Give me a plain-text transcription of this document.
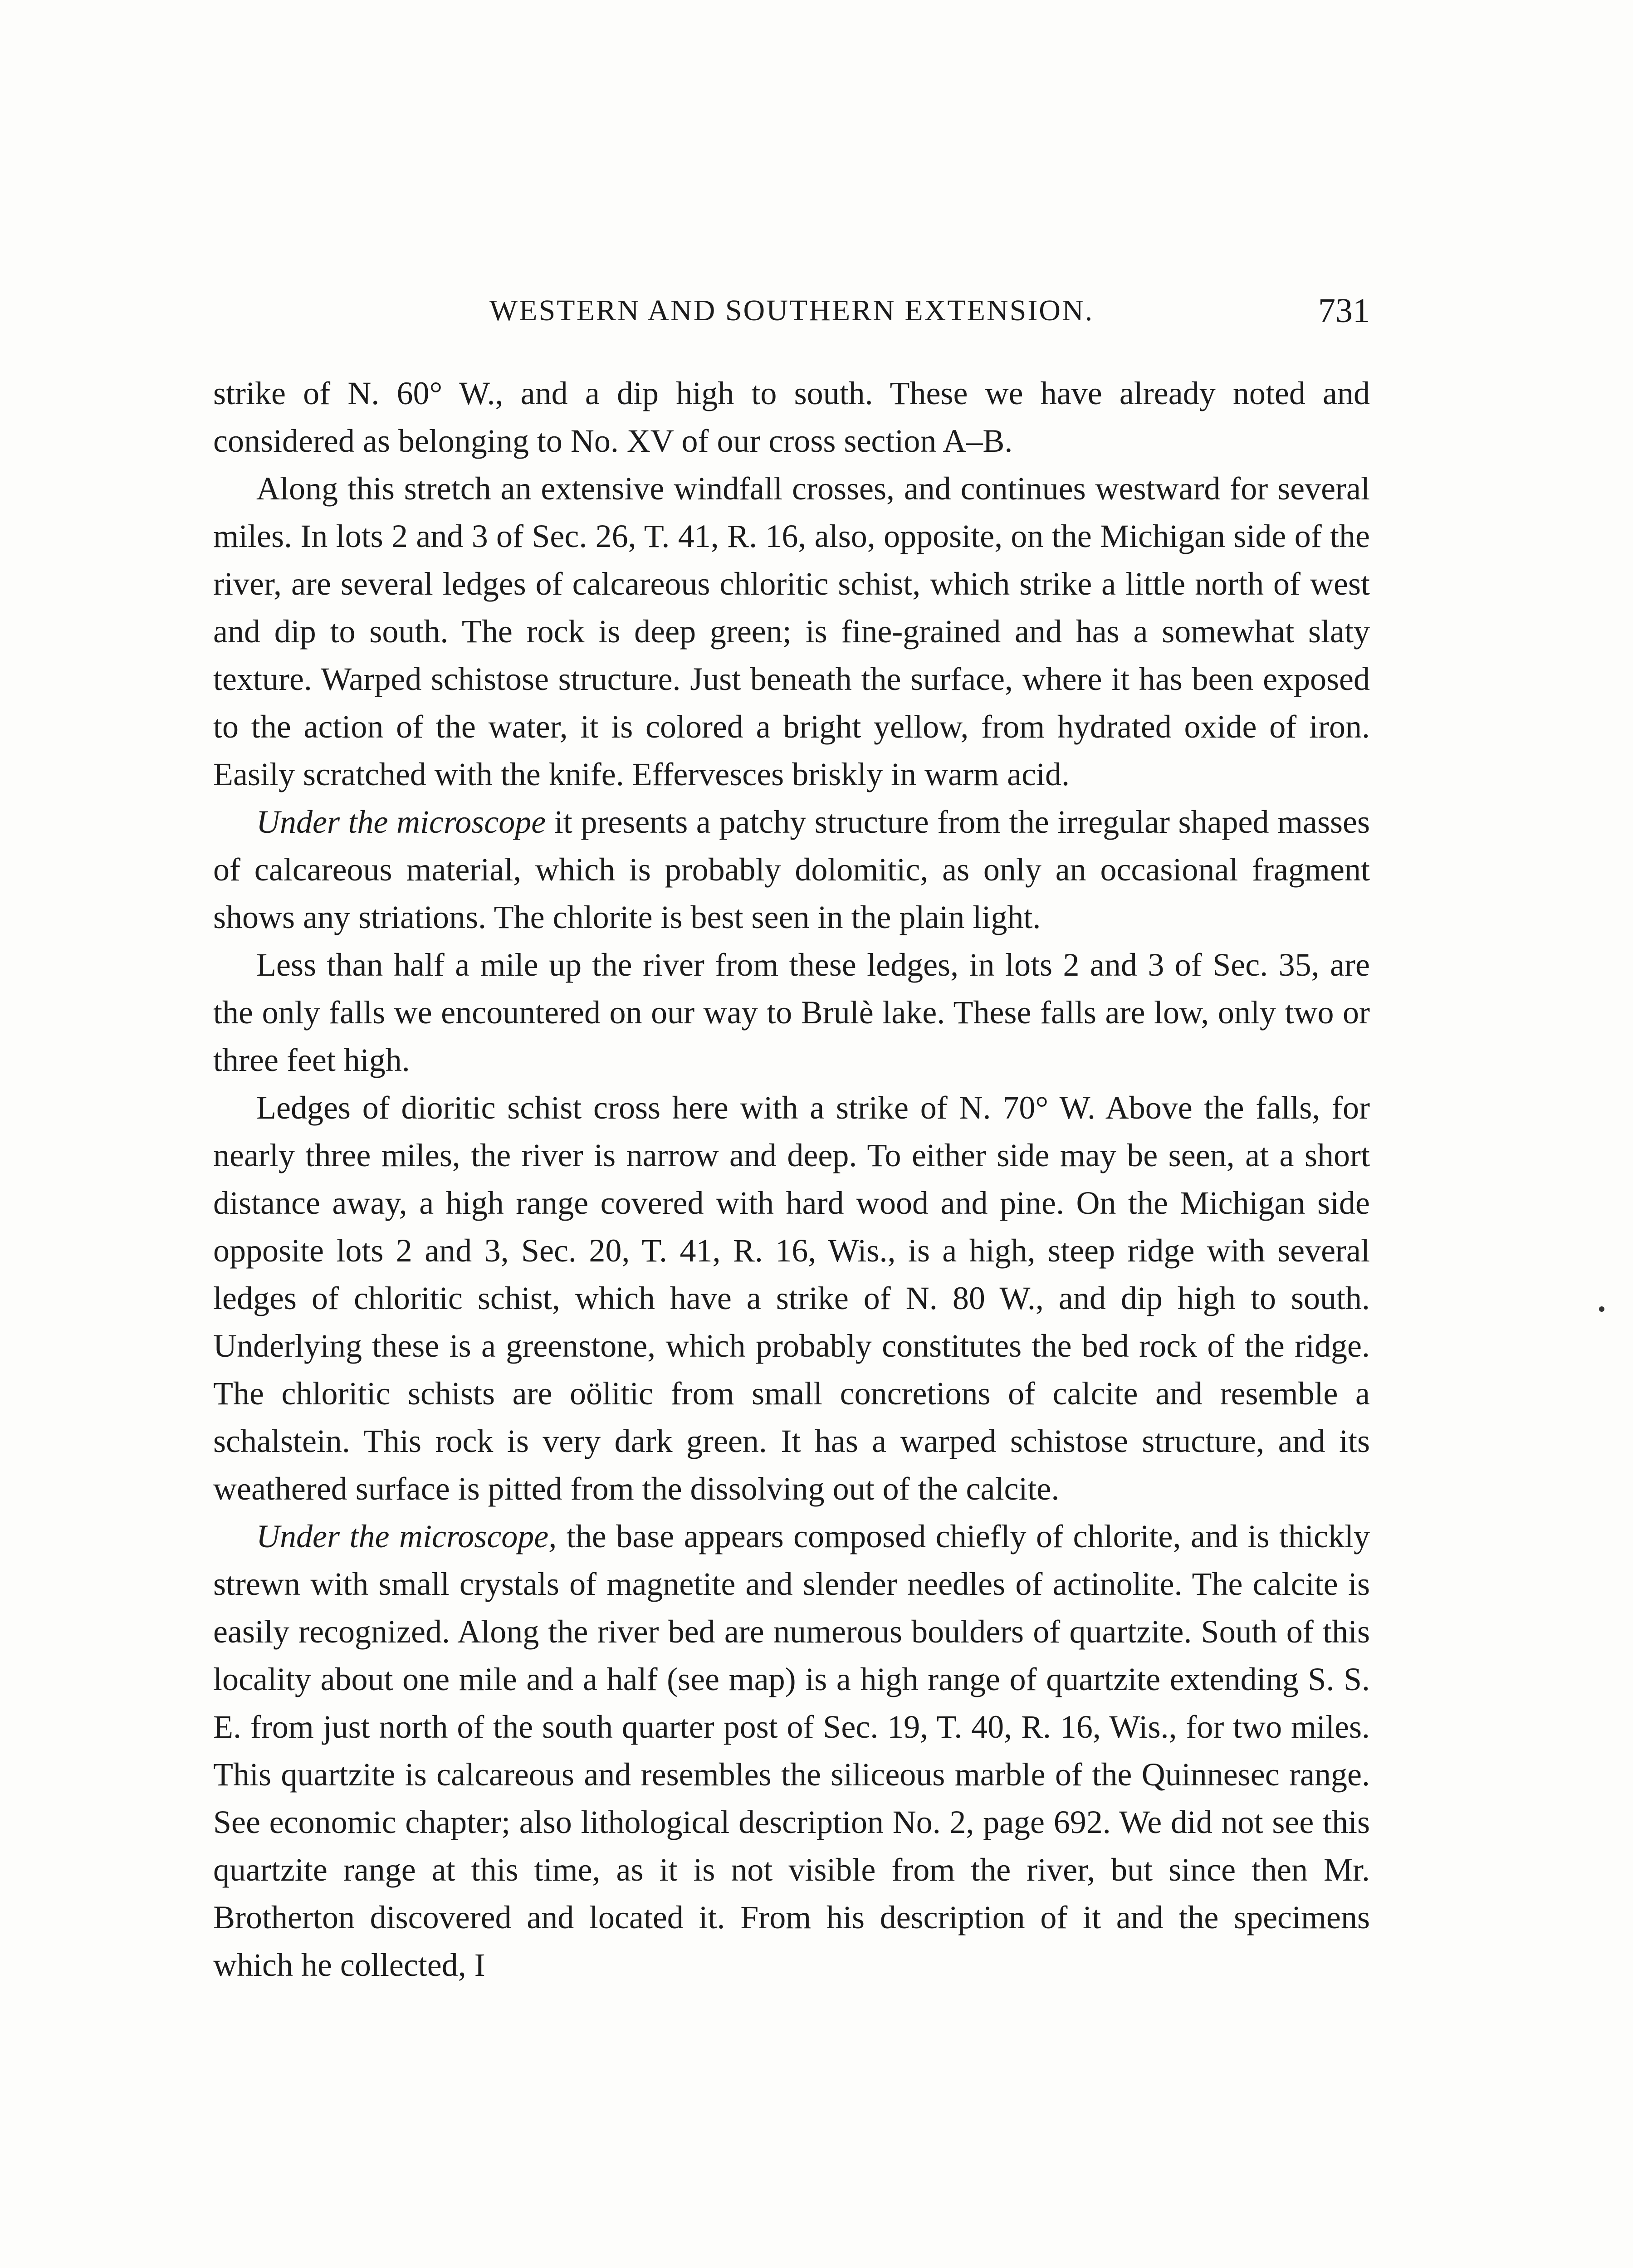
WESTERN AND SOUTHERN EXTENSION.	731

strike of N. 60° W., and a dip high to south. These we have already noted and considered as belonging to No. XV of our cross section A–B.

Along this stretch an extensive windfall crosses, and continues westward for several miles. In lots 2 and 3 of Sec. 26, T. 41, R. 16, also, opposite, on the Michigan side of the river, are several ledges of calcareous chloritic schist, which strike a little north of west and dip to south. The rock is deep green; is fine-grained and has a somewhat slaty texture. Warped schistose structure. Just beneath the surface, where it has been exposed to the action of the water, it is colored a bright yellow, from hydrated oxide of iron. Easily scratched with the knife. Effervesces briskly in warm acid.

Under the microscope it presents a patchy structure from the irregular shaped masses of calcareous material, which is probably dolomitic, as only an occasional fragment shows any striations. The chlorite is best seen in the plain light.

Less than half a mile up the river from these ledges, in lots 2 and 3 of Sec. 35, are the only falls we encountered on our way to Brulè lake. These falls are low, only two or three feet high.

Ledges of dioritic schist cross here with a strike of N. 70° W. Above the falls, for nearly three miles, the river is narrow and deep. To either side may be seen, at a short distance away, a high range covered with hard wood and pine. On the Michigan side opposite lots 2 and 3, Sec. 20, T. 41, R. 16, Wis., is a high, steep ridge with several ledges of chloritic schist, which have a strike of N. 80 W., and dip high to south. Underlying these is a greenstone, which probably constitutes the bed rock of the ridge. The chloritic schists are oölitic from small concretions of calcite and resemble a schalstein. This rock is very dark green. It has a warped schistose structure, and its weathered surface is pitted from the dissolving out of the calcite.

Under the microscope, the base appears composed chiefly of chlorite, and is thickly strewn with small crystals of magnetite and slender needles of actinolite. The calcite is easily recognized. Along the river bed are numerous boulders of quartzite. South of this locality about one mile and a half (see map) is a high range of quartzite extending S. S. E. from just north of the south quarter post of Sec. 19, T. 40, R. 16, Wis., for two miles. This quartzite is calcareous and resembles the siliceous marble of the Quinnesec range. See economic chapter; also lithological description No. 2, page 692. We did not see this quartzite range at this time, as it is not visible from the river, but since then Mr. Brotherton discovered and located it. From his description of it and the specimens which he collected, I
